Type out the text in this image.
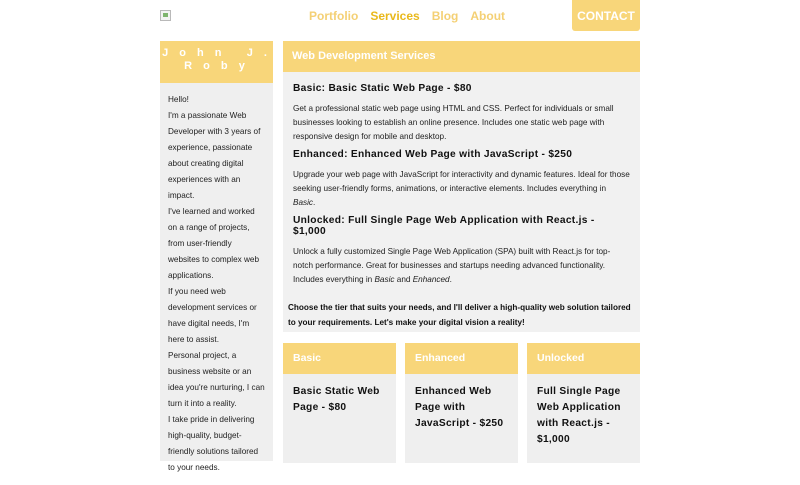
Portfolio Services Blog About	CONTACT
J o h n   J .
R o b y

Hello!

I'm a passionate Web Developer with 3 years of experience, passionate about creating digital experiences with an impact.

I've learned and worked on a range of projects, from user-friendly websites to complex web applications.

If you need web development services or have digital needs, I'm here to assist.

Personal project, a business website or an idea you're nurturing, I can turn it into a reality.

I take pride in delivering high-quality, budget-friendly solutions tailored to your needs.

Web Development Services
Basic: Basic Static Web Page - $80
Get a professional static web page using HTML and CSS. Perfect for individuals or small businesses looking to establish an online presence. Includes one static web page with responsive design for mobile and desktop.
Enhanced: Enhanced Web Page with JavaScript - $250
Upgrade your web page with JavaScript for interactivity and dynamic features. Ideal for those seeking user-friendly forms, animations, or interactive elements. Includes everything in Basic.
Unlocked: Full Single Page Web Application with React.js - $1,000
Unlock a fully customized Single Page Web Application (SPA) built with React.js for top-notch performance. Great for businesses and startups needing advanced functionality. Includes everything in Basic and Enhanced.
Choose the tier that suits your needs, and I'll deliver a high-quality web solution tailored to your requirements. Let's make your digital vision a reality!
Basic
Basic Static Web Page - $80
Enhanced
Enhanced Web Page with JavaScript - $250
Unlocked
Full Single Page Web Application with React.js - $1,000
